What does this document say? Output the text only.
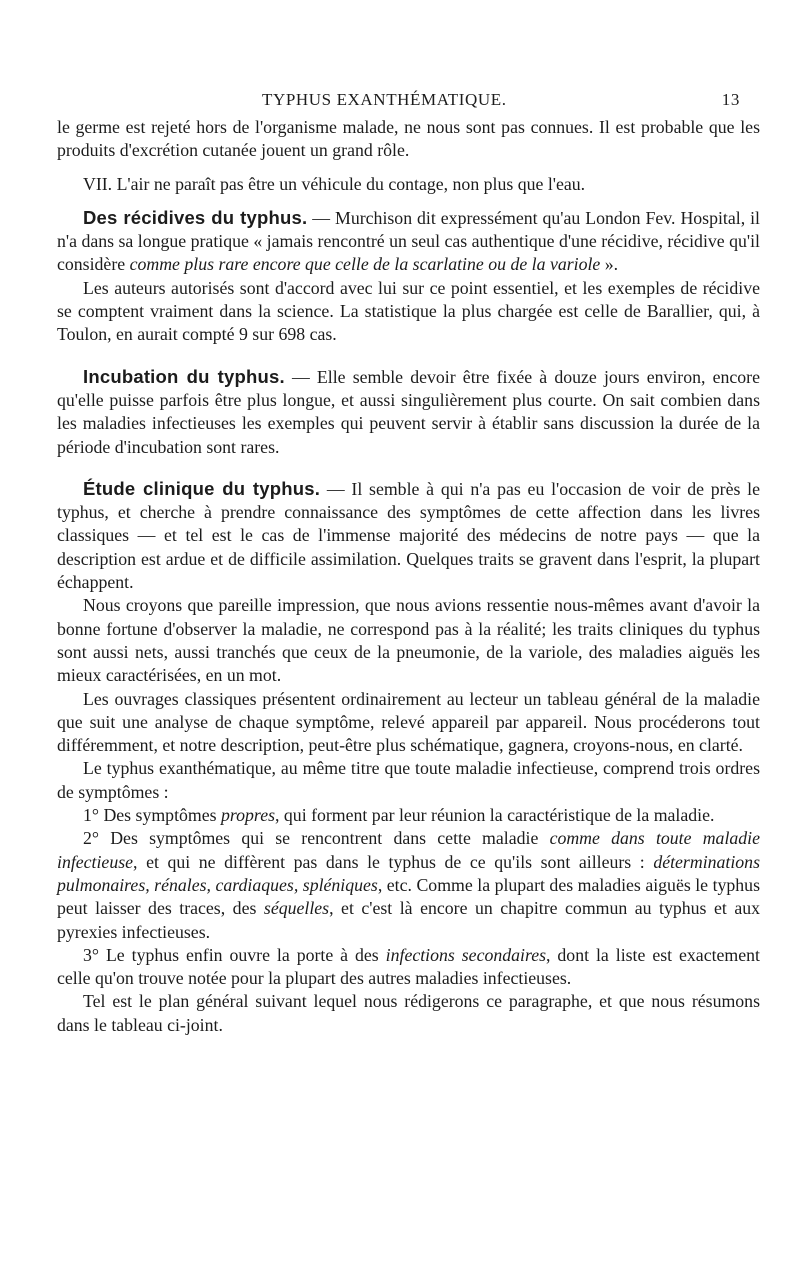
TYPHUS EXANTHÉMATIQUE.	13

le germe est rejeté hors de l'organisme malade, ne nous sont pas connues. Il est probable que les produits d'excrétion cutanée jouent un grand rôle.

VII. L'air ne paraît pas être un véhicule du contage, non plus que l'eau.

Des récidives du typhus. — Murchison dit expressément qu'au London Fev. Hospital, il n'a dans sa longue pratique « jamais rencontré un seul cas authentique d'une récidive, récidive qu'il considère comme plus rare encore que celle de la scarlatine ou de la variole ».

Les auteurs autorisés sont d'accord avec lui sur ce point essentiel, et les exemples de récidive se comptent vraiment dans la science. La statistique la plus chargée est celle de Barallier, qui, à Toulon, en aurait compté 9 sur 698 cas.

Incubation du typhus. — Elle semble devoir être fixée à douze jours environ, encore qu'elle puisse parfois être plus longue, et aussi singulièrement plus courte. On sait combien dans les maladies infectieuses les exemples qui peuvent servir à établir sans discussion la durée de la période d'incubation sont rares.

Étude clinique du typhus. — Il semble à qui n'a pas eu l'occasion de voir de près le typhus, et cherche à prendre connaissance des symptômes de cette affection dans les livres classiques — et tel est le cas de l'immense majorité des médecins de notre pays — que la description est ardue et de difficile assimilation. Quelques traits se gravent dans l'esprit, la plupart échappent.

Nous croyons que pareille impression, que nous avions ressentie nous-mêmes avant d'avoir la bonne fortune d'observer la maladie, ne correspond pas à la réalité; les traits cliniques du typhus sont aussi nets, aussi tranchés que ceux de la pneumonie, de la variole, des maladies aiguës les mieux caractérisées, en un mot.

Les ouvrages classiques présentent ordinairement au lecteur un tableau général de la maladie que suit une analyse de chaque symptôme, relevé appareil par appareil. Nous procéderons tout différemment, et notre description, peut-être plus schématique, gagnera, croyons-nous, en clarté.

Le typhus exanthématique, au même titre que toute maladie infectieuse, comprend trois ordres de symptômes :

1° Des symptômes propres, qui forment par leur réunion la caractéristique de la maladie.

2° Des symptômes qui se rencontrent dans cette maladie comme dans toute maladie infectieuse, et qui ne diffèrent pas dans le typhus de ce qu'ils sont ailleurs : déterminations pulmonaires, rénales, cardiaques, spléniques, etc. Comme la plupart des maladies aiguës le typhus peut laisser des traces, des séquelles, et c'est là encore un chapitre commun au typhus et aux pyrexies infectieuses.

3° Le typhus enfin ouvre la porte à des infections secondaires, dont la liste est exactement celle qu'on trouve notée pour la plupart des autres maladies infectieuses.

Tel est le plan général suivant lequel nous rédigerons ce paragraphe, et que nous résumons dans le tableau ci-joint.
